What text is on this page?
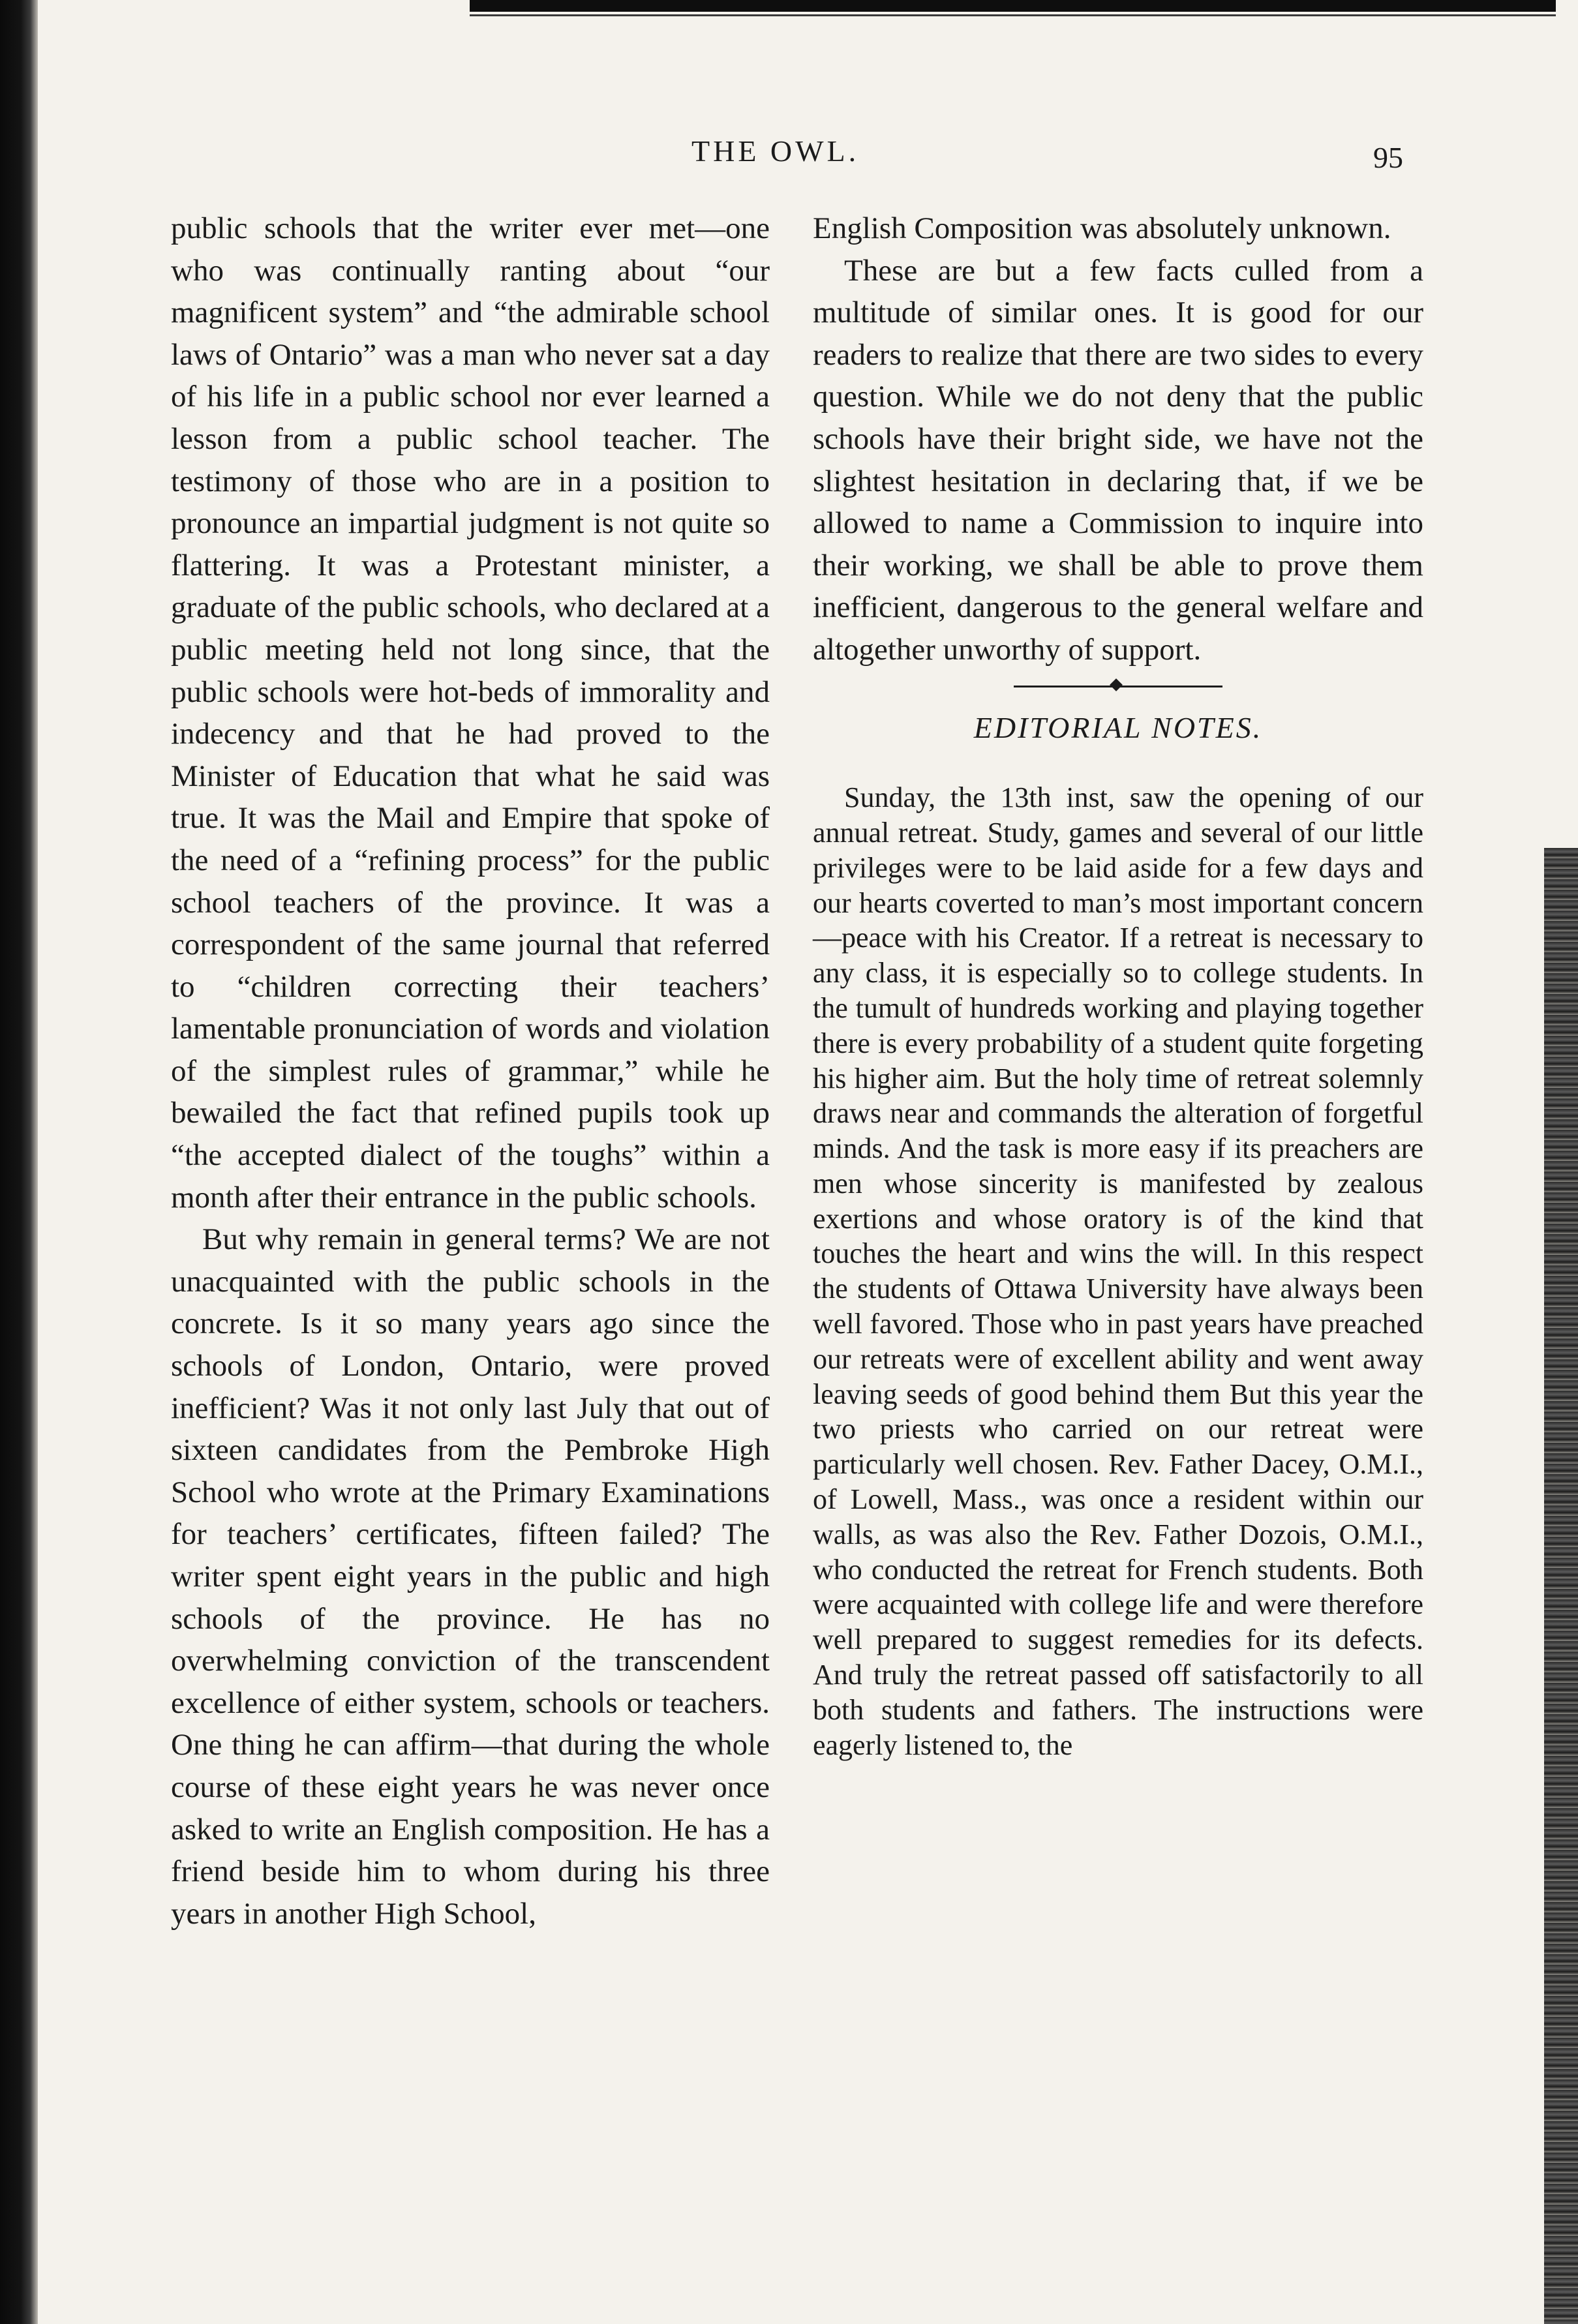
THE OWL.	95

public schools that the writer ever met—one who was continually ranting about “our magnificent system” and “the admirable school laws of Ontario” was a man who never sat a day of his life in a public school nor ever learned a lesson from a public school teacher. The testimony of those who are in a position to pronounce an impartial judgment is not quite so flattering. It was a Protestant minister, a graduate of the public schools, who declared at a public meeting held not long since, that the public schools were hot-beds of immorality and indecency and that he had proved to the Minister of Education that what he said was true. It was the Mail and Empire that spoke of the need of a “refining process” for the public school teachers of the province. It was a correspondent of the same journal that referred to “children correcting their teachers’ lamentable pronunciation of words and violation of the simplest rules of grammar,” while he bewailed the fact that refined pupils took up “the accepted dialect of the toughs” within a month after their entrance in the public schools.

But why remain in general terms? We are not unacquainted with the public schools in the concrete. Is it so many years ago since the schools of London, Ontario, were proved inefficient? Was it not only last July that out of sixteen candidates from the Pembroke High School who wrote at the Primary Examinations for teachers’ certificates, fifteen failed? The writer spent eight years in the public and high schools of the province. He has no overwhelming conviction of the transcendent excellence of either system, schools or teachers. One thing he can affirm—that during the whole course of these eight years he was never once asked to write an English composition. He has a friend beside him to whom during his three years in another High School,

English Composition was absolutely unknown.

These are but a few facts culled from a multitude of similar ones. It is good for our readers to realize that there are two sides to every question. While we do not deny that the public schools have their bright side, we have not the slightest hesitation in declaring that, if we be allowed to name a Commission to inquire into their working, we shall be able to prove them inefficient, dangerous to the general welfare and altogether unworthy of support.

EDITORIAL NOTES.

Sunday, the 13th inst, saw the opening of our annual retreat. Study, games and several of our little privileges were to be laid aside for a few days and our hearts coverted to man’s most important concern —peace with his Creator. If a retreat is necessary to any class, it is especially so to college students. In the tumult of hundreds working and playing together there is every probability of a student quite forgeting his higher aim. But the holy time of retreat solemnly draws near and commands the alteration of forgetful minds. And the task is more easy if its preachers are men whose sincerity is manifested by zealous exertions and whose oratory is of the kind that touches the heart and wins the will. In this respect the students of Ottawa University have always been well favored. Those who in past years have preached our retreats were of excellent ability and went away leaving seeds of good behind them But this year the two priests who carried on our retreat were particularly well chosen. Rev. Father Dacey, O.M.I., of Lowell, Mass., was once a resident within our walls, as was also the Rev. Father Dozois, O.M.I., who conducted the retreat for French students. Both were acquainted with college life and were therefore well prepared to suggest remedies for its defects. And truly the retreat passed off satisfactorily to all both students and fathers. The instructions were eagerly listened to, the
